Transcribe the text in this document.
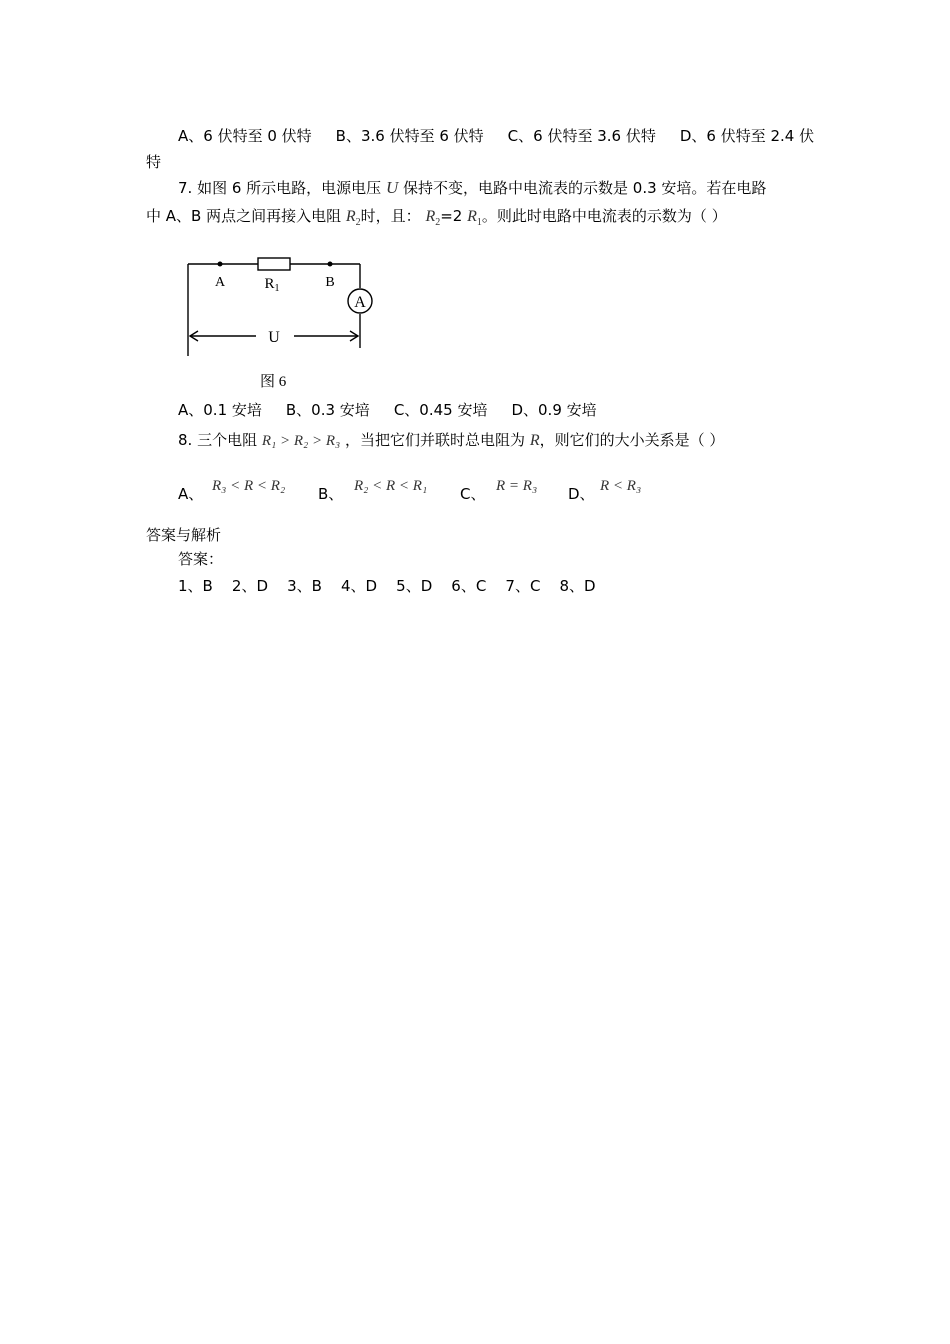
A、6 伏特至 0 伏特 B、3.6 伏特至 6 伏特 C、6 伏特至 3.6 伏特 D、6 伏特至 2.4 伏
特
7. 如图 6 所示电路，电源电压 U 保持不变，电路中电流表的示数是 0.3 安培。若在电路
中 A、B 两点之间再接入电阻 $R_2$时，且： $R_2=2$ $R_1$。则此时电路中电流表的示数为（ ）
A
A	B
$R_1$
U
图 6
A、0.1 安培 B、0.3 安培 C、0.45 安培 D、0.9 安培
8. 三个电阻 R₁ > R₂ > R₃ ，当把它们并联时总电阻为 R，则它们的大小关系是（ ）
A、 R₃ < R < R₂ B、 R₂ < R < R₁ C、 R = R₃ D、 R < R₃
答案与解析
答案：
1、B    2、D    3、B    4、D    5、D    6、C    7、C    8、D
